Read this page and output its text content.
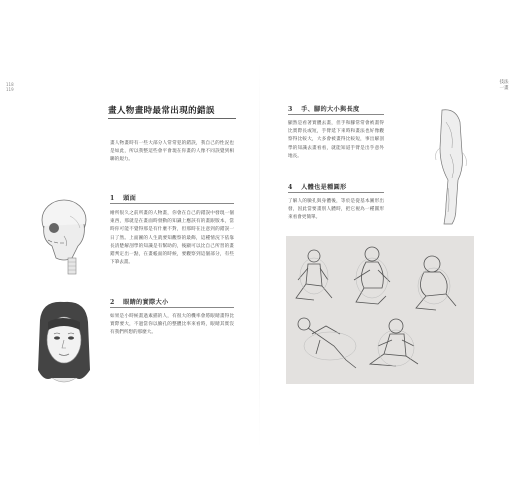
118
119
技法一畫
畫人物畫時最常出現的錯誤
畫人物畫時有一些大部分人常常犯的錯誤，我自己的性況也是如此，所以我整這些會平會現在你畫的人像不同誤覺到相聯的規力。
1 頭面
繪所很久之前所畫的人物畫，你會在自己的錯誤中發現一個東西，那就是在畫面時發動的知識上應該有的畫跟版本，當時你可能不覺得那是有什麼不對，但那時在注意到的錯誤一日了然。上面圖的人生就要知觀察的最飾，這種情況下依靠長清楚解剖學的知識是有幫助的，後顯可以比自己所習的畫錯判定出一點，在畫帳面的時候，要觀察到這個部分，有些下筆去畫。
2 眼睛的實際大小
如果是小時候畫過素描的人，有很大的機率會將眼睛畫得比實際要大，不過當你以臉孔的整體比率來看時，眼睛其實沒有我們所想的那麼大。
3 手、腳的大小與長度
顯然是看著實體去畫，但手和腳常常會被畫得比實際長或短，手臂延下來時和畫法也好像觀察得比較大，大多會被畫得比較短，事出解剖學的知識去畫看看，就能知道手臂是出乎意外地長。
4 人體也是種圓形
了解人的臉孔與身體後，等於是從基本圖形出發，因此當要畫別人體時，把它視為一種圓形來看會更簡單。
